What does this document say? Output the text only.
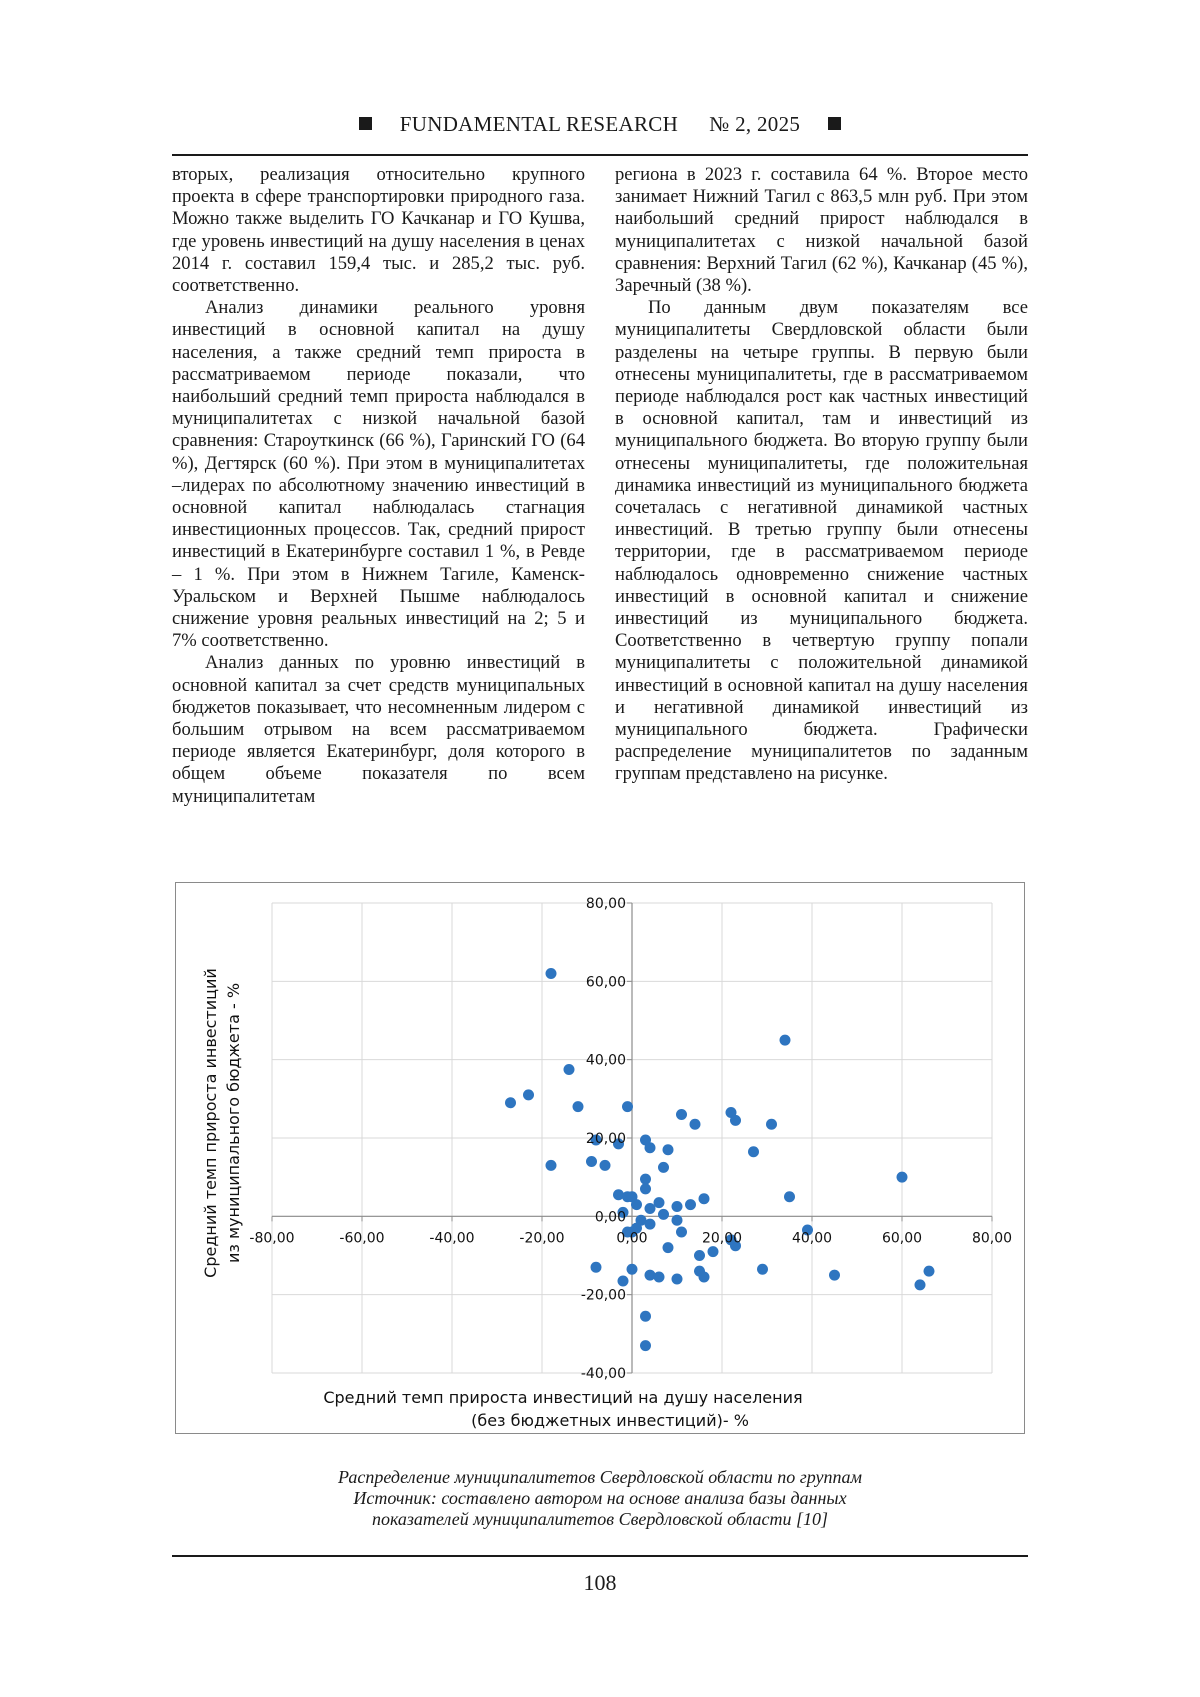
FUNDAMENTAL RESEARCH № 2, 2025

вторых, реализация относительно крупного проекта в сфере транспортировки природного газа. Можно также выделить ГО Качканар и ГО Кушва, где уровень инвестиций на душу населения в ценах 2014 г. составил 159,4 тыс. и 285,2 тыс. руб. соответственно.

Анализ динамики реального уровня инвестиций в основной капитал на душу населения, а также средний темп прироста в рассматриваемом периоде показали, что наибольший средний темп прироста наблюдался в муниципалитетах с низкой начальной базой сравнения: Староуткинск (66 %), Гаринский ГО (64 %), Дегтярск (60 %). При этом в муниципалитетах –лидерах по абсолютному значению инвестиций в основной капитал наблюдалась стагнация инвестиционных процессов. Так, средний прирост инвестиций в Екатеринбурге составил 1 %, в Ревде – 1 %. При этом в Нижнем Тагиле, Каменск-Уральском и Верхней Пышме наблюдалось снижение уровня реальных инвестиций на 2; 5 и 7% соответственно.

Анализ данных по уровню инвестиций в основной капитал за счет средств муниципальных бюджетов показывает, что несомненным лидером с большим отрывом на всем рассматриваемом периоде является Екатеринбург, доля которого в общем объеме показателя по всем муниципалитетам

региона в 2023 г. составила 64 %. Второе место занимает Нижний Тагил с 863,5 млн руб. При этом наибольший средний прирост наблюдался в муниципалитетах с низкой начальной базой сравнения: Верхний Тагил (62 %), Качканар (45 %), Заречный (38 %).

По данным двум показателям все муниципалитеты Свердловской области были разделены на четыре группы. В первую были отнесены муниципалитеты, где в рассматриваемом периоде наблюдался рост как частных инвестиций в основной капитал, там и инвестиций из муниципального бюджета. Во вторую группу были отнесены муниципалитеты, где положительная динамика инвестиций из муниципального бюджета сочеталась с негативной динамикой частных инвестиций. В третью группу были отнесены территории, где в рассматриваемом периоде наблюдалось одновременно снижение частных инвестиций в основной капитал и снижение инвестиций из муниципального бюджета. Соответственно в четвертую группу попали муниципалитеты с положительной динамикой инвестиций в основной капитал на душу населения и негативной динамикой инвестиций из муниципального бюджета. Графически распределение муниципалитетов по заданным группам представлено на рисунке.

-80,00	-60,00	-40,00	-20,00	0,00	20,00	40,00	60,00	80,00
-40,00
-20,00
0,00
20,00
40,00
60,00
80,00
Средний темп прироста инвестиций на душу населения
(без бюджетных инвестиций)- %
Средний темп прироста инвестиций из муниципального бюджета - %
Распределение муниципалитетов Свердловской области по группам
Источник: составлено автором на основе анализа базы данных
показателей муниципалитетов Свердловской области [10]
108
